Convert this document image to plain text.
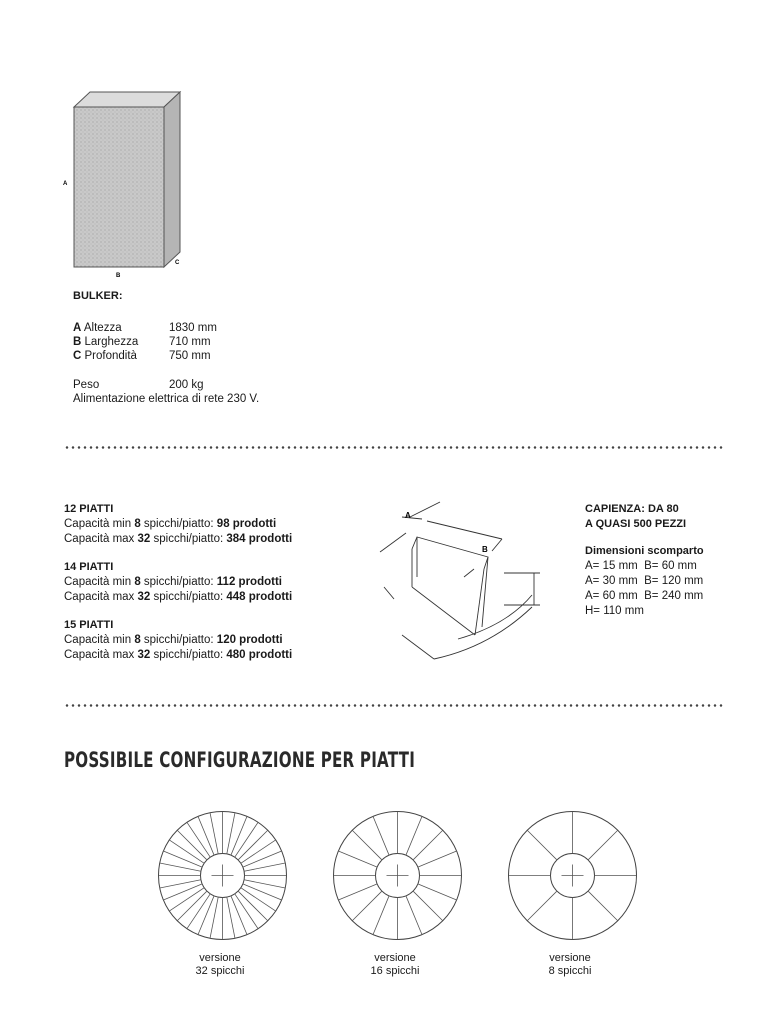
A
B
C
BULKER:
A Altezza	1830 mm
B Larghezza	710 mm
C Profondità	750 mm
Peso	200 kg
Alimentazione elettrica di rete 230 V.
12 PIATTI
Capacità min 8 spicchi/piatto: 98 prodotti
Capacità max 32 spicchi/piatto: 384 prodotti
14 PIATTI
Capacità min 8 spicchi/piatto: 112 prodotti
Capacità max 32 spicchi/piatto: 448 prodotti
15 PIATTI
Capacità min 8 spicchi/piatto: 120 prodotti
Capacità max 32 spicchi/piatto: 480 prodotti
A
B
CAPIENZA: DA 80
A QUASI 500 PEZZI
Dimensioni scomparto
A= 15 mm  B= 60 mm
A= 30 mm  B= 120 mm
A= 60 mm  B= 240 mm
H= 110 mm
POSSIBILE CONFIGURAZIONE PER PIATTI
versione
32 spicchi
versione
16 spicchi
versione
8 spicchi
